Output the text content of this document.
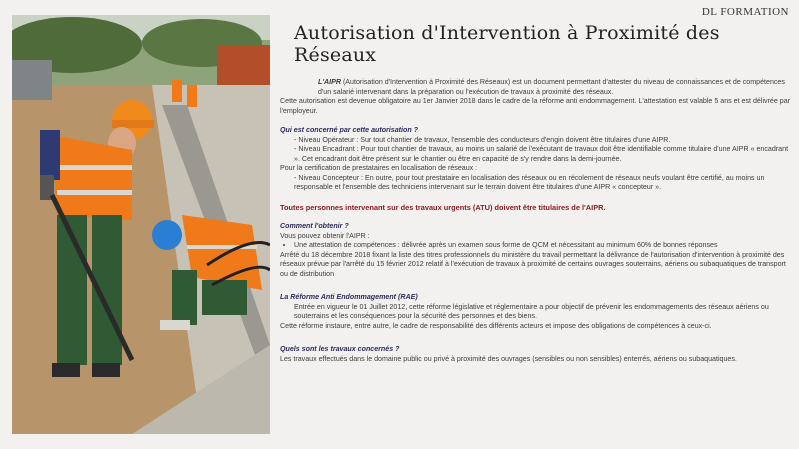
DL FORMATION
Autorisation d'Intervention à Proximité des Réseaux

L'AIPR (Autorisation d'Intervention à Proximité des Réseaux) est un document permettant d'attester du niveau de connaissances et de compétences d'un salarié intervenant dans la préparation ou l'exécution de travaux à proximité des réseaux.

Cette autorisation est devenue obligatoire au 1er Janvier 2018 dans le cadre de la réforme anti endommagement. L'attestation est valable 5 ans et est délivrée par l'employeur.

Qui est concerné par cette autorisation ?

- Niveau Opérateur : Sur tout chantier de travaux, l'ensemble des conducteurs d'engin doivent être titulaires d'une AIPR.

- Niveau Encadrant : Pour tout chantier de travaux, au moins un salarié de l'exécutant de travaux doit être identifiable comme titulaire d'une AIPR « encadrant ». Cet encadrant doit être présent sur le chantier ou être en capacité de s'y rendre dans la demi-journée.

Pour la certification de prestataires en localisation de réseaux :

- Niveau Concepteur : En outre, pour tout prestataire en localisation des réseaux ou en récolement de réseaux neufs voulant être certifié, au moins un responsable et l'ensemble des techniciens intervenant sur le terrain doivent être titulaires d'une AIPR « concepteur ».

Toutes personnes intervenant sur des travaux urgents (ATU) doivent être titulaires de l'AIPR.

Comment l'obtenir ?

Vous pouvez obtenir l'AIPR :

• Une attestation de compétences : délivrée après un examen sous forme de QCM et nécessitant au minimum 60% de bonnes réponses

Arrêté du 18 décembre 2018 fixant la liste des titres professionnels du ministère du travail permettant la délivrance de l'autorisation d'intervention à proximité des réseaux prévue par l'arrêté du 15 février 2012 relatif à l'exécution de travaux à proximité de certains ouvrages souterrains, aériens ou subaquatiques de transport ou de distribution

La Réforme Anti Endommagement (RAE)

Entrée en vigueur le 01 Juillet 2012, cette réforme législative et réglementaire a pour objectif de prévenir les endommagements des réseaux aériens ou souterrains et les conséquences pour la sécurité des personnes et des biens.

Cette réforme instaure, entre autre, le cadre de responsabilité des différents acteurs et impose des obligations de compétences à ceux-ci.

Quels sont les travaux concernés ?

Les travaux effectués dans le domaine public ou privé à proximité des ouvrages (sensibles ou non sensibles) enterrés, aériens ou subaquatiques.
